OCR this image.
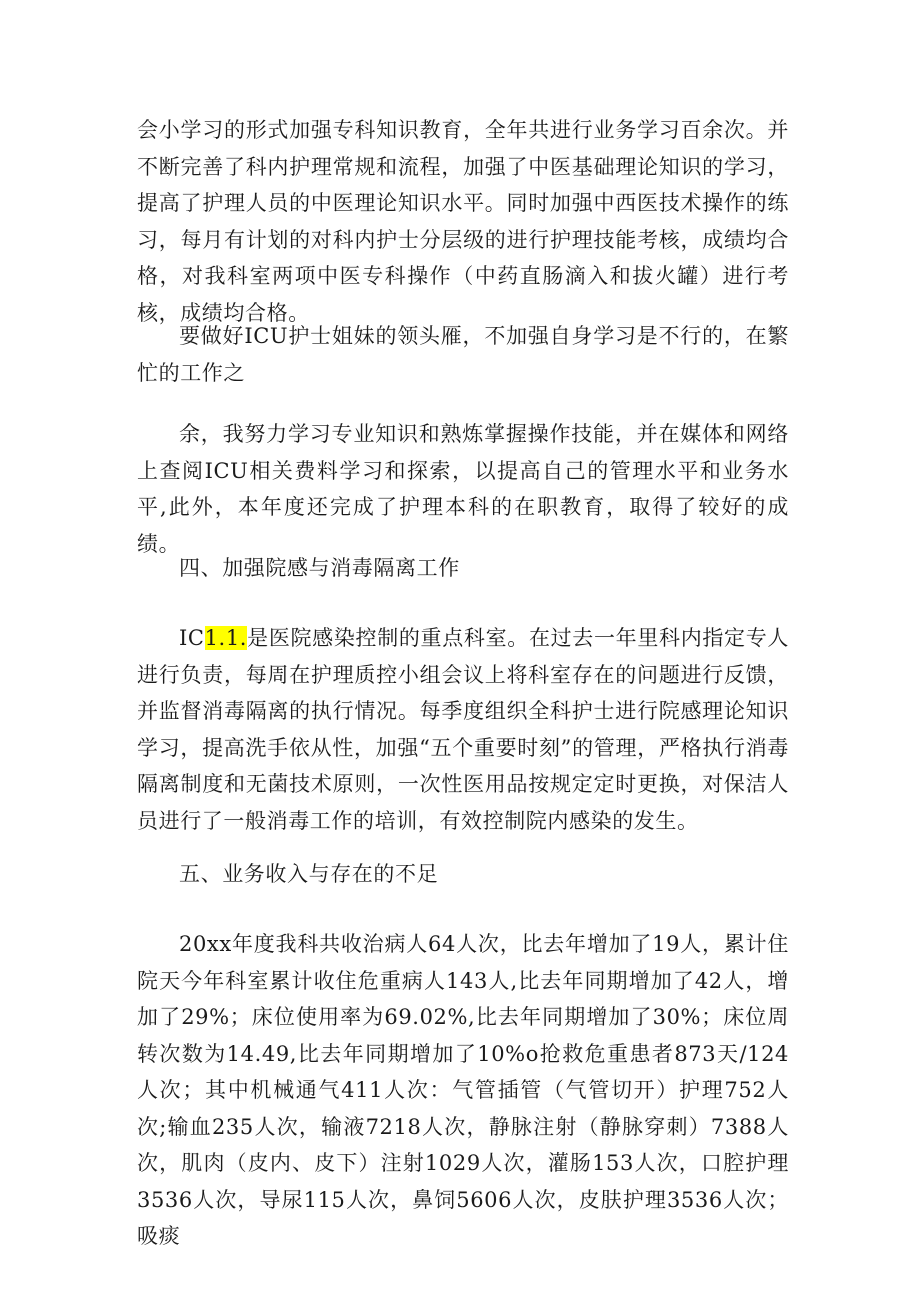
会小学习的形式加强专科知识教育，全年共进行业务学习百余次。并不断完善了科内护理常规和流程，加强了中医基础理论知识的学习，提高了护理人员的中医理论知识水平。同时加强中西医技术操作的练习，每月有计划的对科内护士分层级的进行护理技能考核，成绩均合格，对我科室两项中医专科操作（中药直肠滴入和拔火罐）进行考核，成绩均合格。

要做好ICU护士姐妹的领头雁，不加强自身学习是不行的，在繁忙的工作之

余，我努力学习专业知识和熟炼掌握操作技能，并在媒体和网络上查阅ICU相关费料学习和探索，以提高自己的管理水平和业务水平,此外，本年度还完成了护理本科的在职教育，取得了较好的成绩。

四、加强院感与消毒隔离工作

IC1.1.是医院感染控制的重点科室。在过去一年里科内指定专人进行负责，每周在护理质控小组会议上将科室存在的问题进行反馈，并监督消毒隔离的执行情况。每季度组织全科护士进行院感理论知识学习，提高洗手依从性，加强“五个重要时刻”的管理，严格执行消毒隔离制度和无菌技术原则，一次性医用品按规定定时更换，对保洁人员进行了一般消毒工作的培训，有效控制院内感染的发生。

五、业务收入与存在的不足

20xx年度我科共收治病人64人次，比去年增加了19人，累计住院天今年科室累计收住危重病人143人,比去年同期增加了42人，增加了29%；床位使用率为69.02%,比去年同期增加了30%；床位周转次数为14.49,比去年同期增加了10%o抢救危重患者873天/124人次；其中机械通气411人次：气管插管（气管切开）护理752人次;输血235人次，输液7218人次，静脉注射（静脉穿刺）7388人次，肌肉（皮内、皮下）注射1029人次，灌肠153人次，口腔护理3536人次，导尿115人次，鼻饲5606人次，皮肤护理3536人次；吸痰
